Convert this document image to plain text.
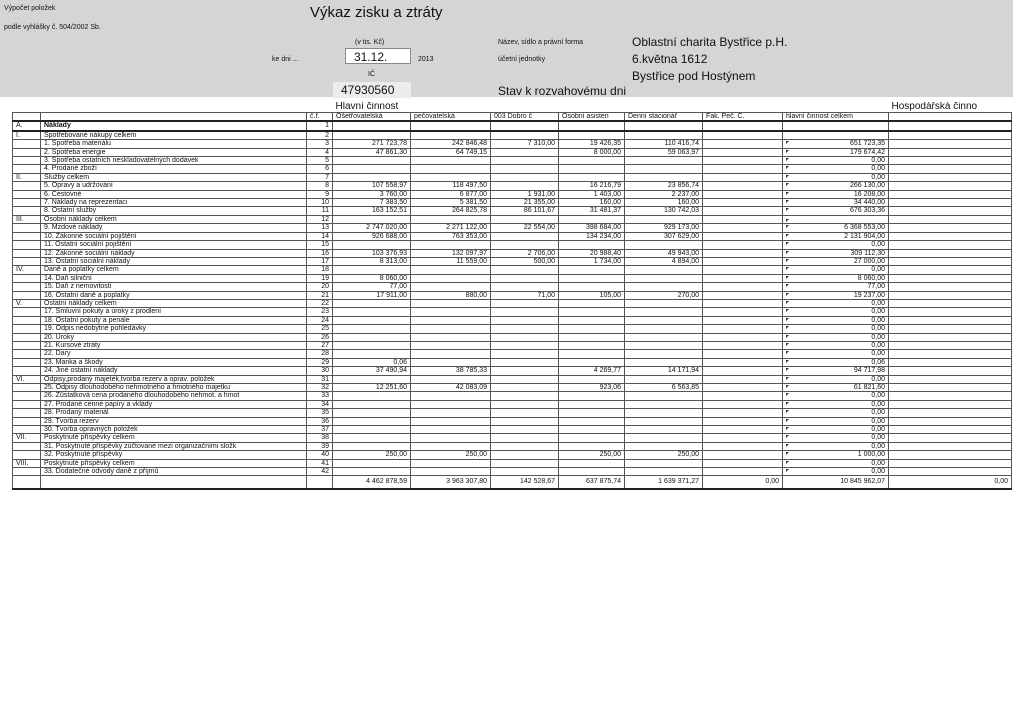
Výpočet položek
podle vyhlášky č. 504/2002 Sb.
Výkaz zisku a ztráty
(v tis. Kč)
ke dni ...	31.12.	2013
IČ
47930560
Název, sídlo a právní forma
účetní jednotky
Oblastní charita Bystřice p.H.
6.května 1612
Bystřice pod Hostýnem
Stav k rozvahovému dni
			Hlavní činnost							Hospodářská činno
		č.ř.	Ošetřovatelská	pečovatelská	003 Dobro č	Osobní asisten	Denní stacionář	Fak. Peč. C.	hlavní činnost celkem	
A.	Náklady	1								
I.	Spotřebované nákupy celkem	2								
	1. Spotřeba materiálu	3	271 723,78	242 846,48	7 310,00	19 426,35	110 416,74		651 723,35	
	2. Spotřeba energie	4	47 861,30	64 749,15		8 000,00	59 063,97		179 674,42	
	3. Spotřeba ostatních neskladovatelných dodávek	5							0,00	
	4. Prodané zboží	6							0,00	
II.	Služby celkem	7							0,00	
	5. Opravy a udržování	8	107 558,97	118 497,50		16 216,79	23 856,74		266 130,00	
	6. Cestovné	9	3 760,00	6 877,00	1 931,00	1 403,00	2 237,00		16 208,00	
	7. Náklady na reprezentaci	10	7 383,50	5 381,50	21 355,00	160,00	160,00		34 440,00	
	8. Ostatní služby	11	163 152,51	264 825,78	86 101,67	31 481,37	130 742,03		676 303,36	
III.	Osobní náklady celkem	12							

	9. Mzdové náklady	13	2 747 020,00	2 271 122,00	22 554,00	398 684,00	929 173,00		6 368 553,00	
	10. Zákonné sociální pojištění	14	926 688,00	763 353,00		134 234,00	307 629,00		2 131 904,00	
	11. Ostatní sociální pojištění	15							0,00	
	12. Zákonné sociální náklady	16	103 376,93	132 097,97	2 706,00	20 988,40	49 943,00		309 112,30	
	13. Ostatní sociální náklady	17	8 313,00	11 559,00	500,00	1 734,00	4 894,00		27 000,00	
IV.	Daně a poplatky celkem	18							0,00	
	14. Daň silniční	19	8 060,00						8 060,00	
	15. Daň z nemovitostí	20	77,00						77,00	
	16. Ostatní daně a poplatky	21	17 911,00	880,00	71,00	105,00	270,00		19 237,00	
V.	Ostatní náklady celkem	22							0,00	
	17. Smluvní pokuty a úroky z prodlení	23							0,00	
	18. Ostatní pokuty a penále	24							0,00	
	19. Odpis nedobytné pohledávky	25							0,00	
	20. Úroky	26							0,00	
	21. Kursové ztráty	27							0,00	
	22. Dary	28							0,00	
	23. Manka a škody	29	0,06						0,06	
	24. Jiné ostatní náklady	30	37 490,94	38 785,33		4 269,77	14 171,94		94 717,98	
VI.	Odpisy,prodaný majetek,tvorba rezerv a oprav. položek	31							0,00	
	25. Odpisy dlouhodobého nehmotného a hmotného majetku	32	12 251,60	42 083,09		923,06	6 563,85		61 821,60	
	26. Zůstatková cena prodaného dlouhodobého nehmot. a hmot	33							0,00	
	27. Prodané cenné papíry a vklady	34							0,00	
	28. Prodaný materiál	35							0,00	
	29. Tvorba rezerv	36							0,00	
	30. Tvorba opravných položek	37							0,00	
VII.	Poskytnuté příspěvky celkem	38							0,00	
	31. Poskytnuté příspěvky zúčtované mezi organizačními složk	39							0,00	
	32. Poskytnuté příspěvky	40	250,00	250,00		250,00	250,00		1 000,00	
VIII.	Poskytnuté příspěvky celkem	41							0,00	
	33. Dodatečné odvody daně z příjmů	42							0,00	
			4 462 878,59	3 963 307,80	142 528,67	637 875,74	1 639 371,27	0,00	10 845 962,07	0,00
